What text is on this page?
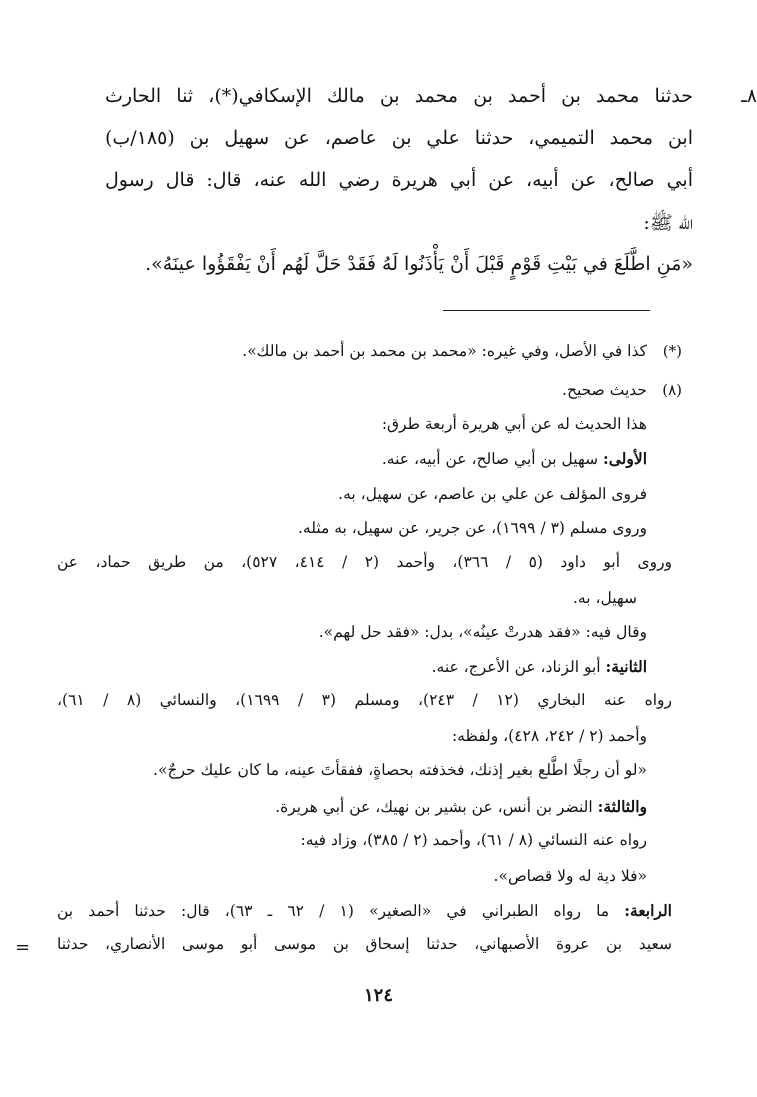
٨ـ
حدثنا محمد بن أحمد بن محمد بن مالك الإسكافي(*)، ثنا الحارث
ابن محمد التميمي، حدثنا علي بن عاصم، عن سهيل بن (١٨٥/ب)
أبي صالح، عن أبيه، عن أبي هريرة رضي الله عنه، قال: قال رسول
الله ﷺ:
«مَنِ اطَّلَعَ في بَيْتِ قَوْمٍ قَبْلَ أَنْ يَأْذَنُوا لَهُ فَقَدْ حَلَّ لَهُم أَنْ يَفْقَؤُوا عينَهُ».
(*)
كذا في الأصل، وفي غيره: «محمد بن محمد بن أحمد بن مالك».
(٨)
حديث صحيح.
هذا الحديث له عن أبي هريرة أربعة طرق:
الأولى: سهيل بن أبي صالح، عن أبيه، عنه.
فروى المؤلف عن علي بن عاصم، عن سهيل، به.
وروى مسلم (٣ / ١٦٩٩)، عن جرير، عن سهيل، به مثله.
وروى أبو داود (٥ / ٣٦٦)، وأحمد (٢ / ٤١٤، ٥٢٧)، من طريق حماد، عن
سهيل، به.
وقال فيه: «فقد هدرتْ عينُه»، بدل: «فقد حل لهم».
الثانية: أبو الزناد، عن الأعرج، عنه.
رواه عنه البخاري (١٢ / ٢٤٣)، ومسلم (٣ / ١٦٩٩)، والنسائي (٨ / ٦١)،
وأحمد (٢ / ٢٤٢، ٤٢٨)، ولفظه:
«لو أن رجلًا اطَّلع بغير إذنك، فخذفته بحصاةٍ، ففقأتَ عينه، ما كان عليك حرجٌ».
والثالثة: النضر بن أنس، عن بشير بن نهيك، عن أبي هريرة.
رواه عنه النسائي (٨ / ٦١)، وأحمد (٢ / ٣٨٥)، وزاد فيه:
«فلا دية له ولا قصاص».
الرابعة: ما رواه الطبراني في «الصغير» (١ / ٦٢ ـ ٦٣)، قال: حدثنا أحمد بن
سعيد بن عروة الأصبهاني، حدثنا إسحاق بن موسى أبو موسى الأنصاري، حدثنا
=
١٢٤
